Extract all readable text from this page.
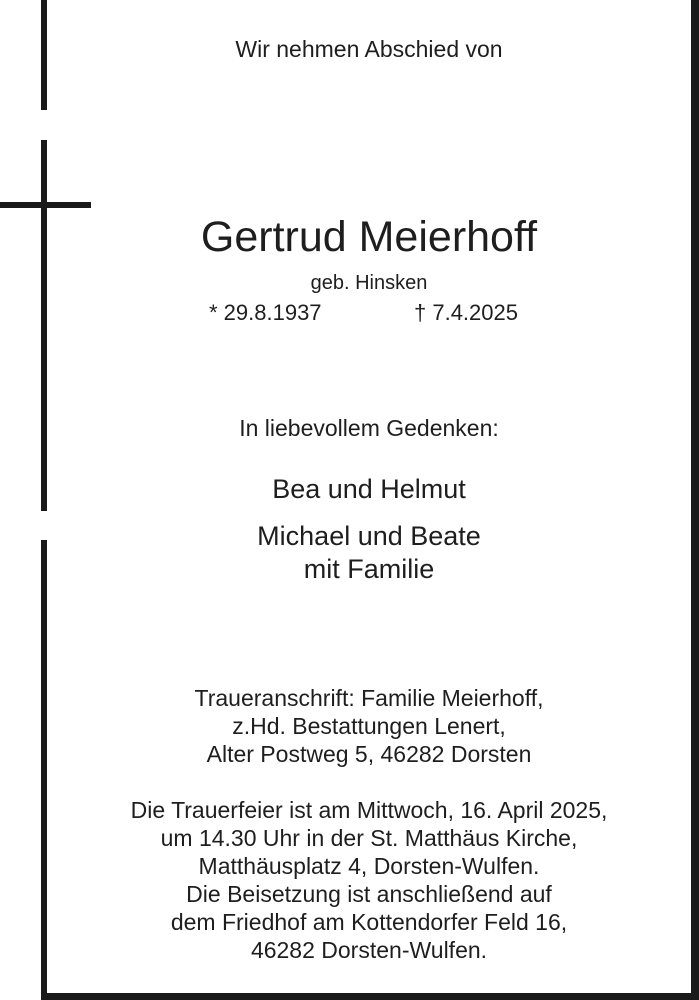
Wir nehmen Abschied von
Gertrud Meierhoff
geb. Hinsken
* 29.8.1937	† 7.4.2025
In liebevollem Gedenken:
Bea und Helmut
Michael und Beate
mit Familie
Traueranschrift: Familie Meierhoff,
z.Hd. Bestattungen Lenert,
Alter Postweg 5, 46282 Dorsten
Die Trauerfeier ist am Mittwoch, 16. April 2025,
um 14.30 Uhr in der St. Matthäus Kirche,
Matthäusplatz 4, Dorsten-Wulfen.
Die Beisetzung ist anschließend auf
dem Friedhof am Kottendorfer Feld 16,
46282 Dorsten-Wulfen.
